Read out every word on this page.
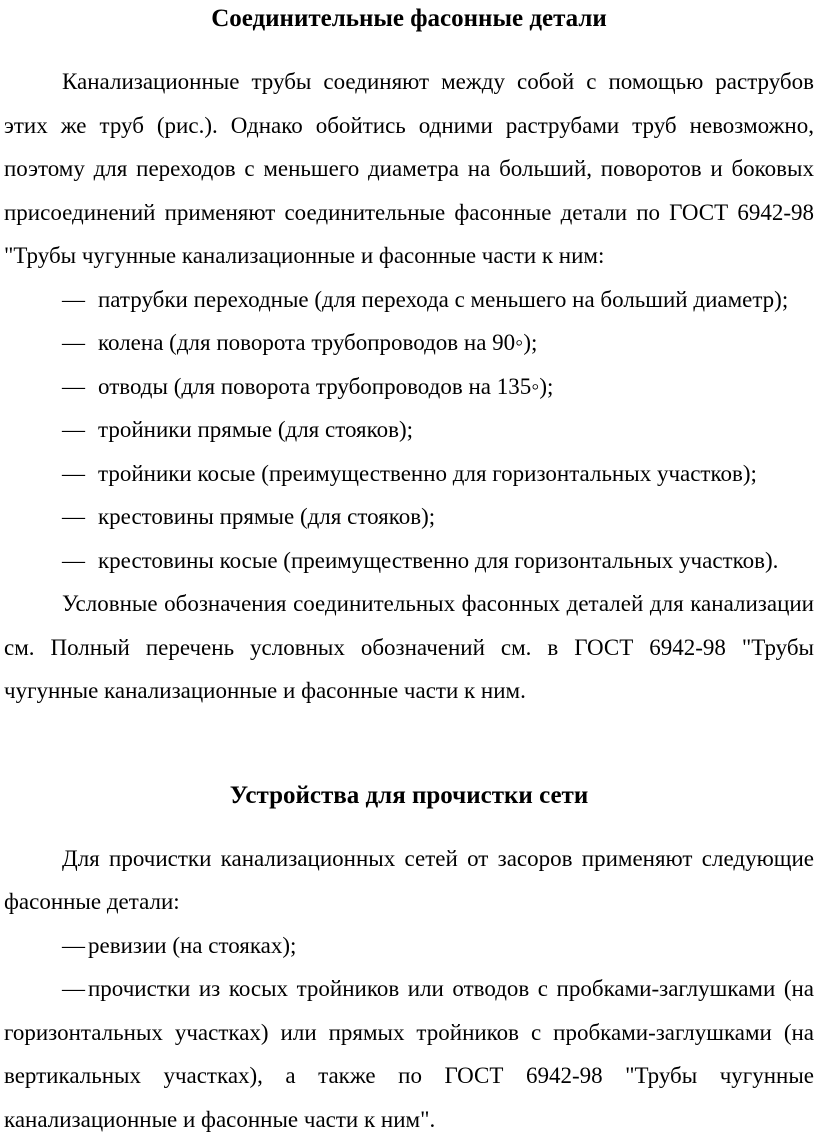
Соединительные фасонные детали

Канализационные трубы соединяют между собой с помощью раструбов этих же труб (рис.). Однако обойтись одними раструбами труб невозможно, поэтому для переходов с меньшего диаметра на больший, поворотов и боковых присоединений применяют соединительные фасонные детали по ГОСТ 6942-98 "Трубы чугунные канализационные и фасонные части к ним:

— патрубки переходные (для перехода с меньшего на больший диаметр);
— колена (для поворота трубопроводов на 90◦);
— отводы (для поворота трубопроводов на 135◦);
— тройники прямые (для стояков);
— тройники косые (преимущественно для горизонтальных участков);
— крестовины прямые (для стояков);
— крестовины косые (преимущественно для горизонтальных участков).

Условные обозначения соединительных фасонных деталей для канализации см. Полный перечень условных обозначений см. в ГОСТ 6942-98 "Трубы чугунные канализационные и фасонные части к ним.

Устройства для прочистки сети

Для прочистки канализационных сетей от засоров применяют следующие фасонные детали:

— ревизии (на стояках);

— прочистки из косых тройников или отводов с пробками-заглушками (на горизонтальных участках) или прямых тройников с пробками-заглушками (на вертикальных участках), а также по ГОСТ 6942-98 "Трубы чугунные канализационные и фасонные части к ним".
